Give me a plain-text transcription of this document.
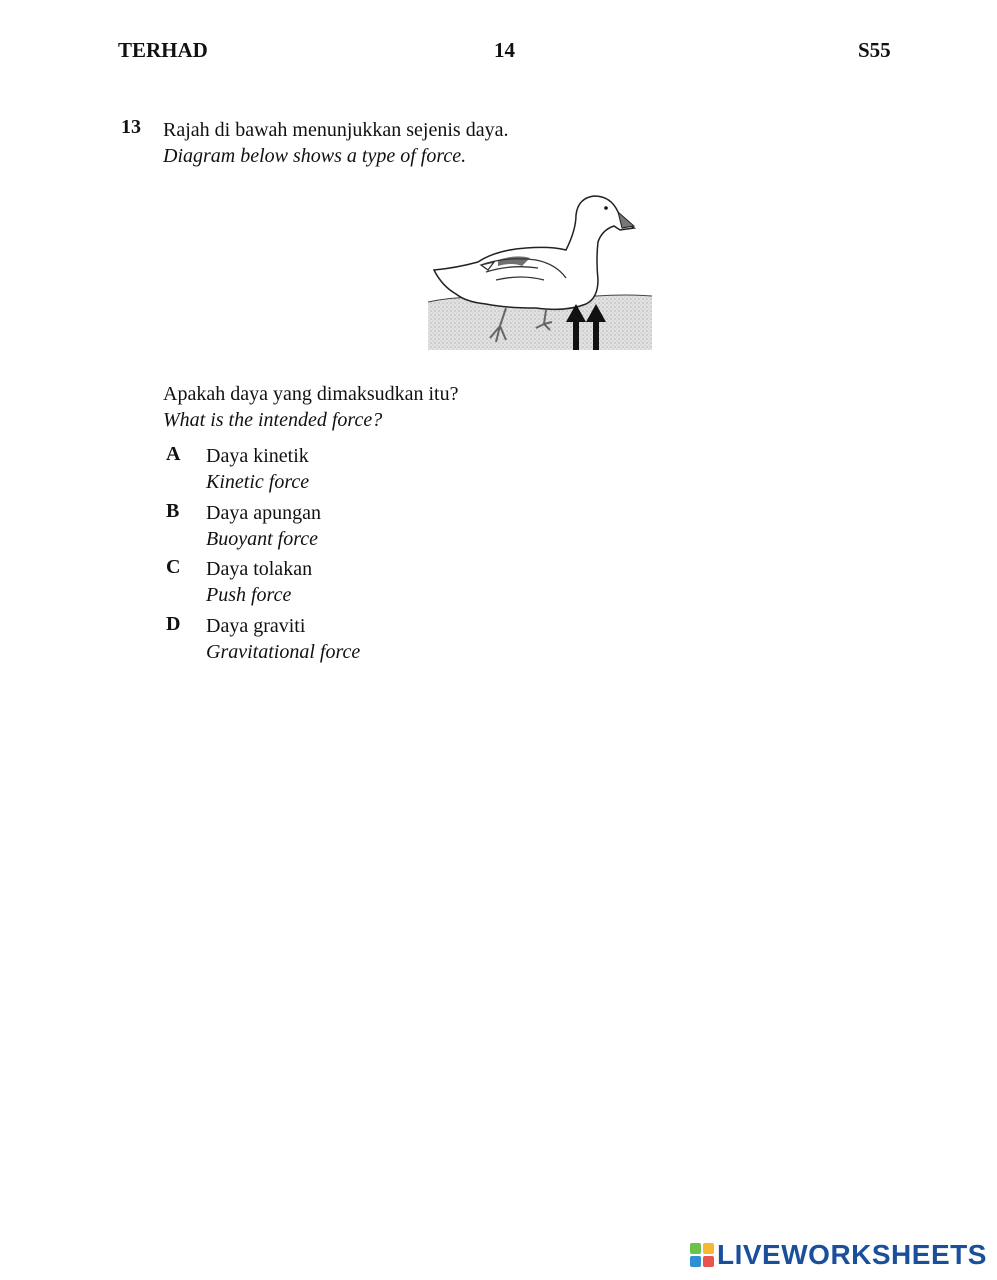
TERHAD	14	S55
13 Rajah di bawah menunjukkan sejenis daya.
Diagram below shows a type of force.
Apakah daya yang dimaksudkan itu?
What is the intended force?
A Daya kinetik
Kinetic force
B Daya apungan
Buoyant force
C Daya tolakan
Push force
D Daya graviti
Gravitational force
LIVEWORKSHEETS
